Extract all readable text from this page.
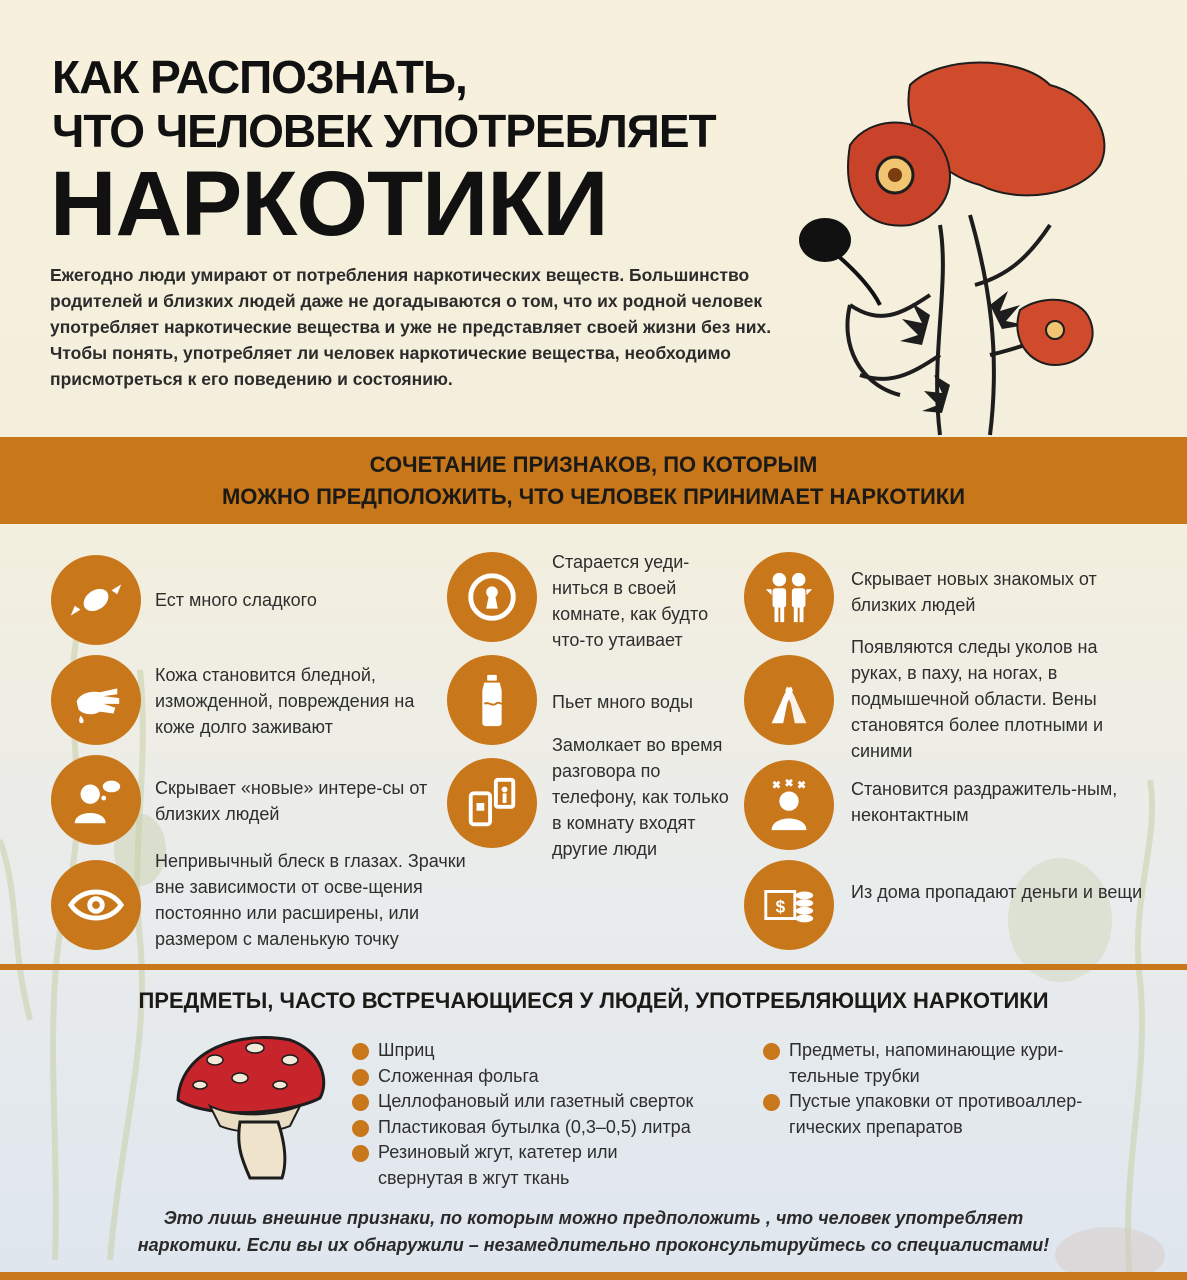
КАК РАСПОЗНАТЬ,
ЧТО ЧЕЛОВЕК УПОТРЕБЛЯЕТ
НАРКОТИКИ
Ежегодно люди умирают от потребления наркотических веществ. Большинство родителей и близких людей даже не догадываются о том, что их родной человек употребляет наркотические вещества и уже не представляет своей жизни без них. Чтобы понять, употребляет ли человек наркотические вещества, необходимо присмотреться к его поведению и состоянию.
СОЧЕТАНИЕ ПРИЗНАКОВ, ПО КОТОРЫМ
МОЖНО ПРЕДПОЛОЖИТЬ, ЧТО ЧЕЛОВЕК ПРИНИМАЕТ НАРКОТИКИ
Ест много сладкого
Кожа становится бледной, изможденной, повреждения на коже долго заживают
Скрывает «новые» интере-сы от близких людей
Непривычный блеск в глазах. Зрачки вне зависимости от осве-щения постоянно или расширены, или размером с маленькую точку
Старается уеди-ниться в своей комнате, как будто что-то утаивает
Пьет много воды
Замолкает во время разговора по телефону, как только в комнату входят другие люди
Скрывает новых знакомых от близких людей
Появляются следы уколов на руках, в паху, на ногах, в подмышечной области. Вены становятся более плотными и синими
Становится раздражитель-ным, неконтактным
$
Из дома пропадают деньги и вещи
ПРЕДМЕТЫ, ЧАСТО ВСТРЕЧАЮЩИЕСЯ У ЛЮДЕЙ, УПОТРЕБЛЯЮЩИХ НАРКОТИКИ
Шприц
Сложенная фольга
Целлофановый или газетный сверток
Пластиковая бутылка (0,3–0,5) литра
Резиновый жгут, катетер или свернутая в жгут ткань
Предметы, напоминающие кури-тельные трубки
Пустые упаковки от противоаллер-гических препаратов
Это лишь внешние признаки, по которым можно предположить , что человек употребляет
наркотики. Если вы их обнаружили – незамедлительно проконсультируйтесь со специалистами!
